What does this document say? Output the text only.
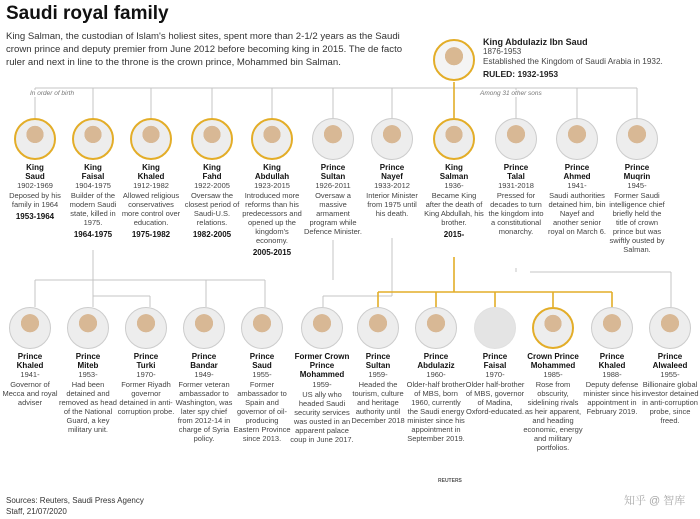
Saudi royal family
King Salman, the custodian of Islam's holiest sites, spent more than 2-1/2 years as the Saudi crown prince and deputy premier from June 2012 before becoming king in 2015. The de facto ruler and next in line to the throne is the crown prince, Mohammed bin Salman.
King Abdulaziz Ibn Saud
1876-1953
Established the Kingdom of Saudi Arabia in 1932.
RULED: 1932-1953
In order of birth	Among 31 other sons
King
Saud
1902-1969
Deposed by his family in 1964
1953-1964
King
Faisal
1904-1975
Builder of the modern Saudi state, killed in 1975.
1964-1975
King
Khaled
1912-1982
Allowed religious conservatives more control over education.
1975-1982
King
Fahd
1922-2005
Oversaw the closest period of Saudi-U.S. relations.
1982-2005
King
Abdullah
1923-2015
Introduced more reforms than his predecessors and opened up the kingdom's economy.
2005-2015
Prince
Sultan
1926-2011
Oversaw a massive armament program while Defence Minister.
Prince
Nayef
1933-2012
Interior Minister from 1975 until his death.
King
Salman
1936-
Became King after the death of King Abdullah, his brother.
2015-
Prince
Talal
1931-2018
Pressed for decades to turn the kingdom into a constitutional monarchy.
Prince
Ahmed
1941-
Saudi authorities detained him, bin Nayef and another senior royal on March 6.
Prince
Muqrin
1945-
Former Saudi intelligence chief briefly held the title of crown prince but was swiftly ousted by Salman.
Prince
Khaled
1941-
Governor of Mecca and royal adviser
Prince
Miteb
1953-
Had been detained and removed as head of the National Guard, a key military unit.
Prince
Turki
1970-
Former Riyadh governor detained in anti-corruption probe.
Prince
Bandar
1949-
Former veteran ambassador to Washington, was later spy chief from 2012-14 in charge of Syria policy.
Prince
Saud
1955-
Former ambassador to Spain and governor of oil-producing Eastern Province since 2013.
Former Crown Prince
Mohammed
1959-
US ally who headed Saudi security services was ousted in an apparent palace coup in June 2017.
Prince
Sultan
1959-
Headed the tourism, culture and heritage authority until December 2018
Prince
Abdulaziz
1960-
Older-half brother of MBS, born 1960, currently the Saudi energy minister since his appointment in September 2019.
Prince
Faisal
1970-
Older half-brother of MBS, governor of Madina, Oxford-educated.
Crown Prince
Mohammed
1985-
Rose from obscurity, sidelining rivals as heir apparent, and heading economic, energy and military portfolios.
Prince
Khaled
1988-
Deputy defense minister since his appointment in February 2019.
Prince
Alwaleed
1955-
Billionaire global investor detained in anti-corruption probe, since freed.
Sources: Reuters, Saudi Press Agency
Staff, 21/07/2020
REUTERS
知乎 @ 智库
